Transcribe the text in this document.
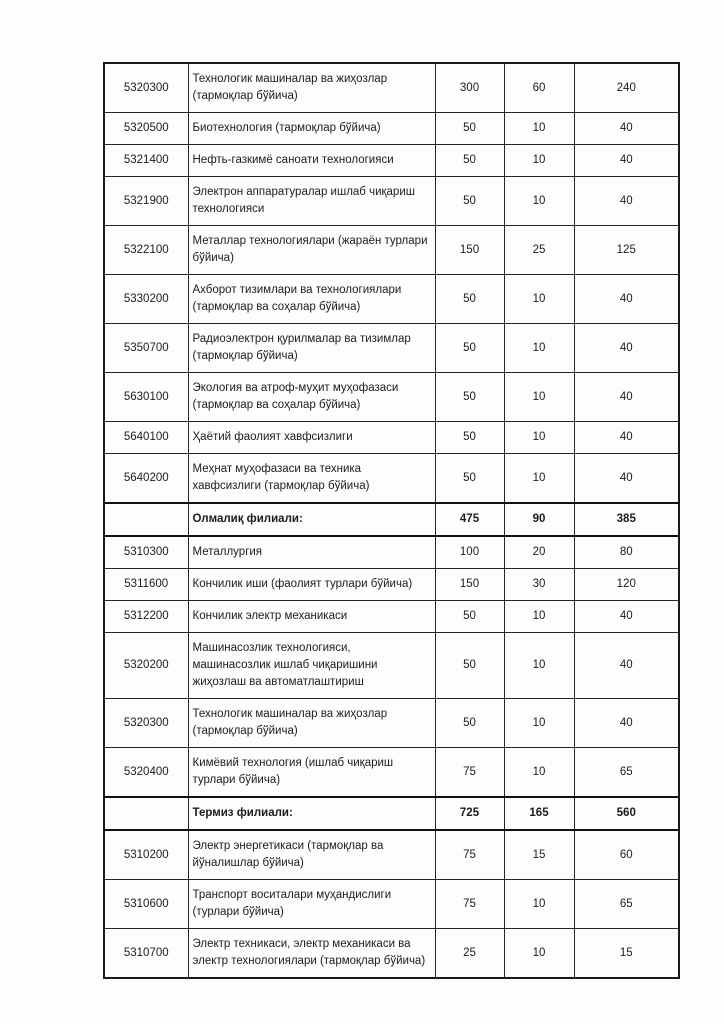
5320300	Технологик машиналар ва жиҳозлар (тармоқлар бўйича)	300	60	240
5320500	Биотехнология (тармоқлар бўйича)	50	10	40
5321400	Нефть-газкимё саноати технологияси	50	10	40
5321900	Электрон аппаратуралар ишлаб чиқариш технологияси	50	10	40
5322100	Металлар технологиялари (жараён турлари бўйича)	150	25	125
5330200	Ахборот тизимлари ва технологиялари (тармоқлар ва соҳалар бўйича)	50	10	40
5350700	Радиоэлектрон қурилмалар ва тизимлар (тармоқлар бўйича)	50	10	40
5630100	Экология ва атроф-муҳит муҳофазаси (тармоқлар ва соҳалар бўйича)	50	10	40
5640100	Ҳаётий фаолият хавфсизлиги	50	10	40
5640200	Меҳнат муҳофазаси ва техника хавфсизлиги (тармоқлар бўйича)	50	10	40
	Олмалиқ филиали:	475	90	385
5310300	Металлургия	100	20	80
5311600	Кончилик иши (фаолият турлари бўйича)	150	30	120
5312200	Кончилик электр механикаси	50	10	40
5320200	Машинасозлик технологияси, машинасозлик ишлаб чиқаришини жиҳозлаш ва автоматлаштириш	50	10	40
5320300	Технологик машиналар ва жиҳозлар (тармоқлар бўйича)	50	10	40
5320400	Кимёвий технология (ишлаб чиқариш турлари бўйича)	75	10	65
	Термиз филиали:	725	165	560
5310200	Электр энергетикаси (тармоқлар ва йўналишлар бўйича)	75	15	60
5310600	Транспорт воситалари муҳандислиги (турлари бўйича)	75	10	65
5310700	Электр техникаси, электр механикаси ва электр технологиялари (тармоқлар бўйича)	25	10	15
